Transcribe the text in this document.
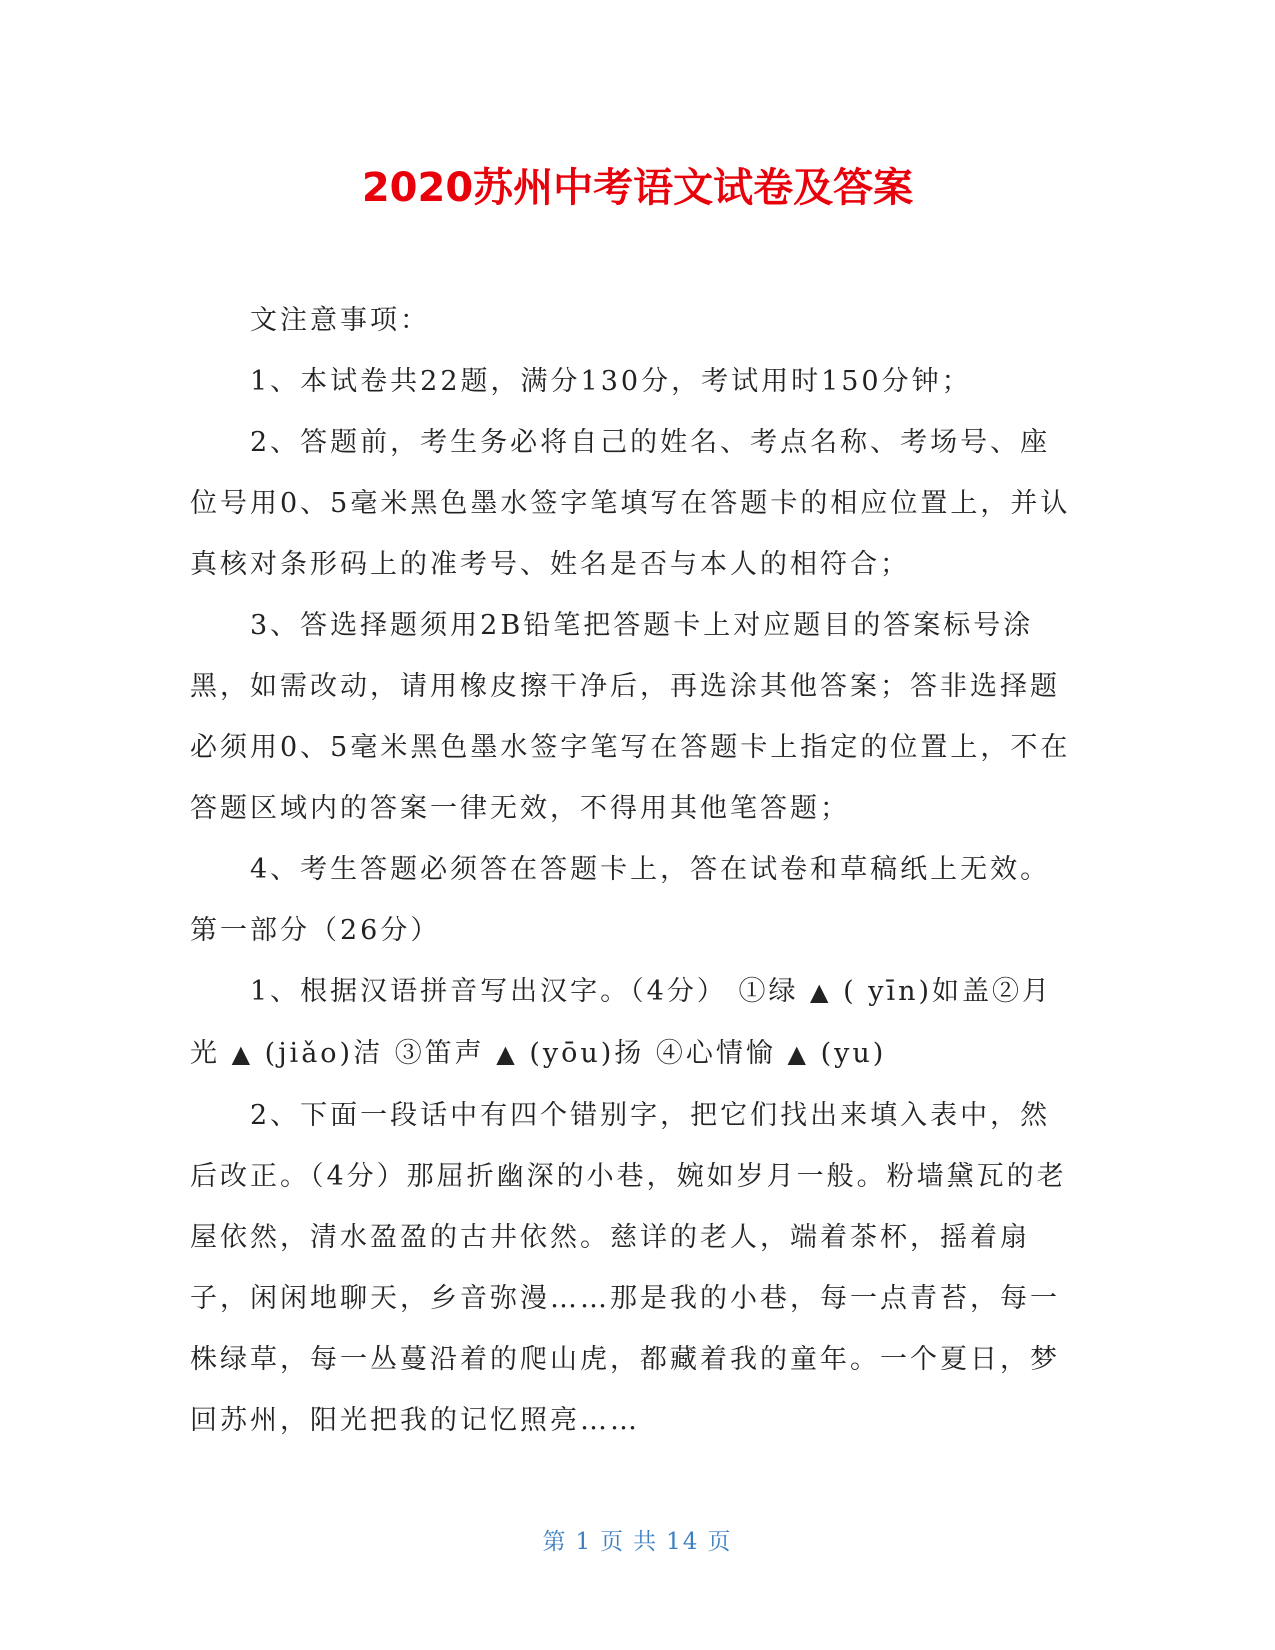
2020苏州中考语文试卷及答案

文注意事项：

1、本试卷共22题，满分130分，考试用时150分钟；

2、答题前，考生务必将自己的姓名、考点名称、考场号、座位号用0、5毫米黑色墨水签字笔填写在答题卡的相应位置上，并认真核对条形码上的准考号、姓名是否与本人的相符合；

3、答选择题须用2B铅笔把答题卡上对应题目的答案标号涂黑，如需改动，请用橡皮擦干净后，再选涂其他答案；答非选择题必须用0、5毫米黑色墨水签字笔写在答题卡上指定的位置上，不在答题区域内的答案一律无效，不得用其他笔答题；

4、考生答题必须答在答题卡上，答在试卷和草稿纸上无效。

第一部分（26分）

1、根据汉语拼音写出汉字。（4分） ①绿 ▲ ( yīn)如盖②月光 ▲ (jiǎo)洁 ③笛声 ▲ (yōu)扬 ④心情愉 ▲ (yu)

2、下面一段话中有四个错别字，把它们找出来填入表中，然后改正。（4分）那屈折幽深的小巷，婉如岁月一般。粉墙黛瓦的老屋依然，清水盈盈的古井依然。慈详的老人，端着茶杯，摇着扇子，闲闲地聊天，乡音弥漫……那是我的小巷，每一点青苔，每一株绿草，每一丛蔓沿着的爬山虎，都藏着我的童年。一个夏日，梦回苏州，阳光把我的记忆照亮……

第 1 页 共 14 页
